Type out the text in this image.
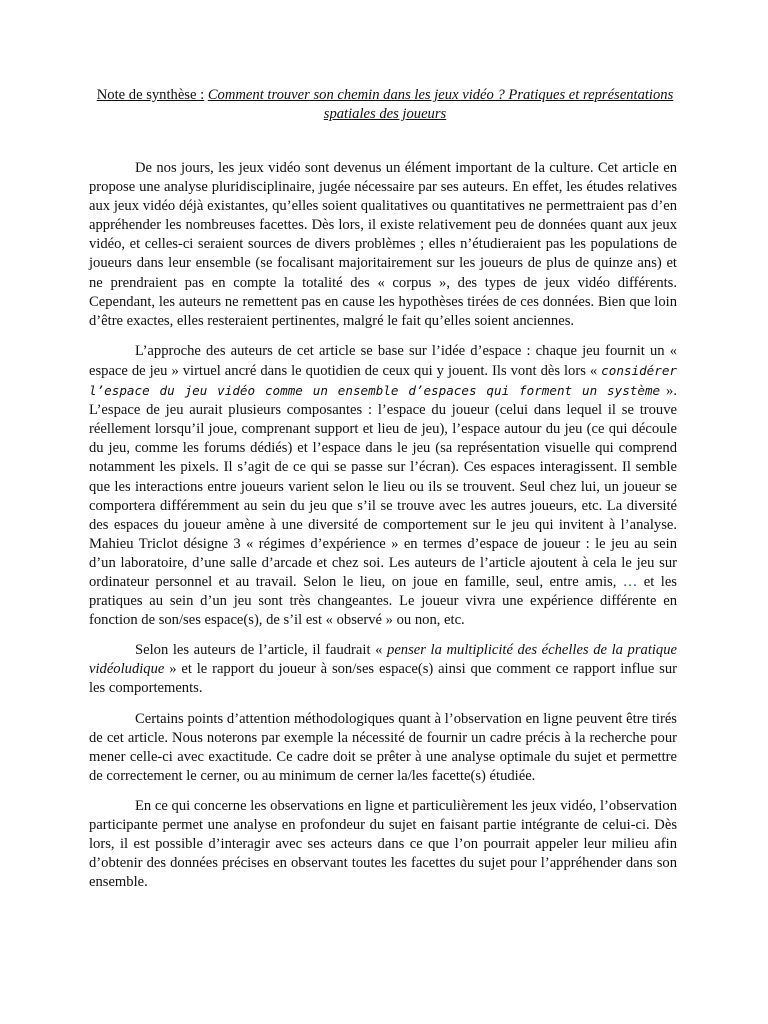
Note de synthèse : Comment trouver son chemin dans les jeux vidéo ? Pratiques et représentations spatiales des joueurs

De nos jours, les jeux vidéo sont devenus un élément important de la culture. Cet article en propose une analyse pluridisciplinaire, jugée nécessaire par ses auteurs. En effet, les études relatives aux jeux vidéo déjà existantes, qu’elles soient qualitatives ou quantitatives ne permettraient pas d’en appréhender les nombreuses facettes. Dès lors, il existe relativement peu de données quant aux jeux vidéo, et celles-ci seraient sources de divers problèmes ; elles n’étudieraient pas les populations de joueurs dans leur ensemble (se focalisant majoritairement sur les joueurs de plus de quinze ans) et ne prendraient pas en compte la totalité des « corpus », des types de jeux vidéo différents. Cependant, les auteurs ne remettent pas en cause les hypothèses tirées de ces données. Bien que loin d’être exactes, elles resteraient pertinentes, malgré le fait qu’elles soient anciennes.

L’approche des auteurs de cet article se base sur l’idée d’espace : chaque jeu fournit un « espace de jeu » virtuel ancré dans le quotidien de ceux qui y jouent. Ils vont dès lors « considérer l’espace du jeu vidéo comme un ensemble d’espaces qui forment un système ». L’espace de jeu aurait plusieurs composantes : l’espace du joueur (celui dans lequel il se trouve réellement lorsqu’il joue, comprenant support et lieu de jeu), l’espace autour du jeu (ce qui découle du jeu, comme les forums dédiés) et l’espace dans le jeu (sa représentation visuelle qui comprend notamment les pixels. Il s’agit de ce qui se passe sur l’écran). Ces espaces interagissent. Il semble que les interactions entre joueurs varient selon le lieu ou ils se trouvent. Seul chez lui, un joueur se comportera différemment au sein du jeu que s’il se trouve avec les autres joueurs, etc. La diversité des espaces du joueur amène à une diversité de comportement sur le jeu qui invitent à l’analyse. Mahieu Triclot désigne 3 « régimes d’expérience » en termes d’espace de joueur : le jeu au sein d’un laboratoire, d’une salle d’arcade et chez soi. Les auteurs de l’article ajoutent à cela le jeu sur ordinateur personnel et au travail. Selon le lieu, on joue en famille, seul, entre amis, … et les pratiques au sein d’un jeu sont très changeantes. Le joueur vivra une expérience différente en fonction de son/ses espace(s), de s’il est « observé » ou non, etc.

Selon les auteurs de l’article, il faudrait « penser la multiplicité des échelles de la pratique vidéoludique » et le rapport du joueur à son/ses espace(s) ainsi que comment ce rapport influe sur les comportements.

Certains points d’attention méthodologiques quant à l’observation en ligne peuvent être tirés de cet article. Nous noterons par exemple la nécessité de fournir un cadre précis à la recherche pour mener celle-ci avec exactitude. Ce cadre doit se prêter à une analyse optimale du sujet et permettre de correctement le cerner, ou au minimum de cerner la/les facette(s) étudiée.

En ce qui concerne les observations en ligne et particulièrement les jeux vidéo, l’observation participante permet une analyse en profondeur du sujet en faisant partie intégrante de celui-ci. Dès lors, il est possible d’interagir avec ses acteurs dans ce que l’on pourrait appeler leur milieu afin d’obtenir des données précises en observant toutes les facettes du sujet pour l’appréhender dans son ensemble.
